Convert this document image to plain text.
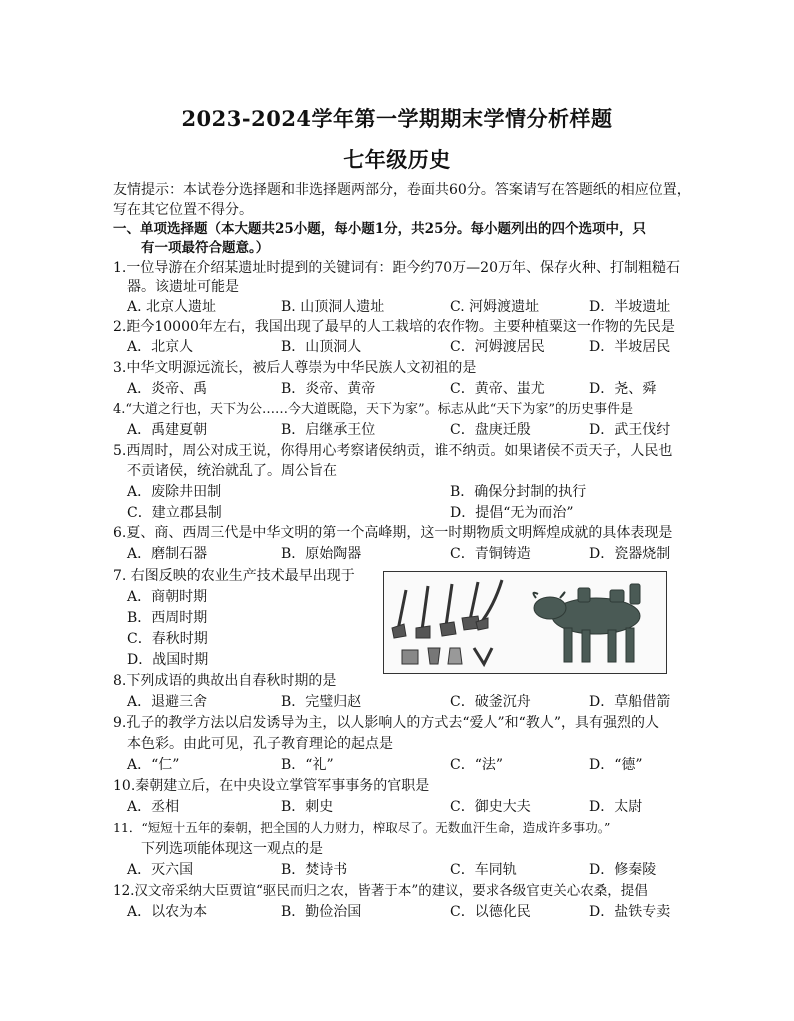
2023-2024学年第一学期期末学情分析样题
七年级历史
友情提示：本试卷分选择题和非选择题两部分，卷面共60分。答案请写在答题纸的相应位置，
写在其它位置不得分。
一、单项选择题（本大题共25小题，每小题1分，共25分。每小题列出的四个选项中，只
有一项最符合题意。）
1.一位导游在介绍某遗址时提到的关键词有：距今约70万—20万年、保存火种、打制粗糙石
器。该遗址可能是
A. 北京人遗址	B. 山顶洞人遗址	C. 河姆渡遗址	D．半坡遗址
2.距今10000年左右，我国出现了最早的人工栽培的农作物。主要种植粟这一作物的先民是
A．北京人	B．山顶洞人	C．河姆渡居民	D．半坡居民
3.中华文明源远流长，被后人尊崇为中华民族人文初祖的是
A．炎帝、禹	B．炎帝、黄帝	C．黄帝、蚩尤	D．尧、舜
4.“大道之行也，天下为公……今大道既隐，天下为家”。标志从此“天下为家”的历史事件是
A．禹建夏朝	B．启继承王位	C．盘庚迁殷	D．武王伐纣
5.西周时，周公对成王说，你得用心考察诸侯纳贡，谁不纳贡。如果诸侯不贡天子，人民也
不贡诸侯，统治就乱了。周公旨在
A．废除井田制	B．确保分封制的执行
C．建立郡县制	D．提倡“无为而治”
6.夏、商、西周三代是中华文明的第一个高峰期，这一时期物质文明辉煌成就的具体表现是
A．磨制石器	B．原始陶器	C．青铜铸造	D．瓷器烧制
7. 右图反映的农业生产技术最早出现于
A．商朝时期
B．西周时期
C．春秋时期
D．战国时期
8.下列成语的典故出自春秋时期的是
A．退避三舍	B．完璧归赵	C．破釜沉舟	D．草船借箭
9.孔子的教学方法以启发诱导为主，以人影响人的方式去“爱人”和“教人”，具有强烈的人
本色彩。由此可见，孔子教育理论的起点是
A．“仁”	B．“礼”	C．“法”	D．“德”
10.秦朝建立后，在中央设立掌管军事事务的官职是
A．丞相	B．刺史	C．御史大夫	D．太尉
11．“短短十五年的秦朝，把全国的人力财力，榨取尽了。无数血汗生命，造成许多事功。”
下列选项能体现这一观点的是
A．灭六国	B．焚诗书	C．车同轨	D．修秦陵
12.汉文帝采纳大臣贾谊“驱民而归之农，皆著于本”的建议，要求各级官吏关心农桑，提倡
A．以农为本	B．勤俭治国	C．以德化民	D．盐铁专卖
